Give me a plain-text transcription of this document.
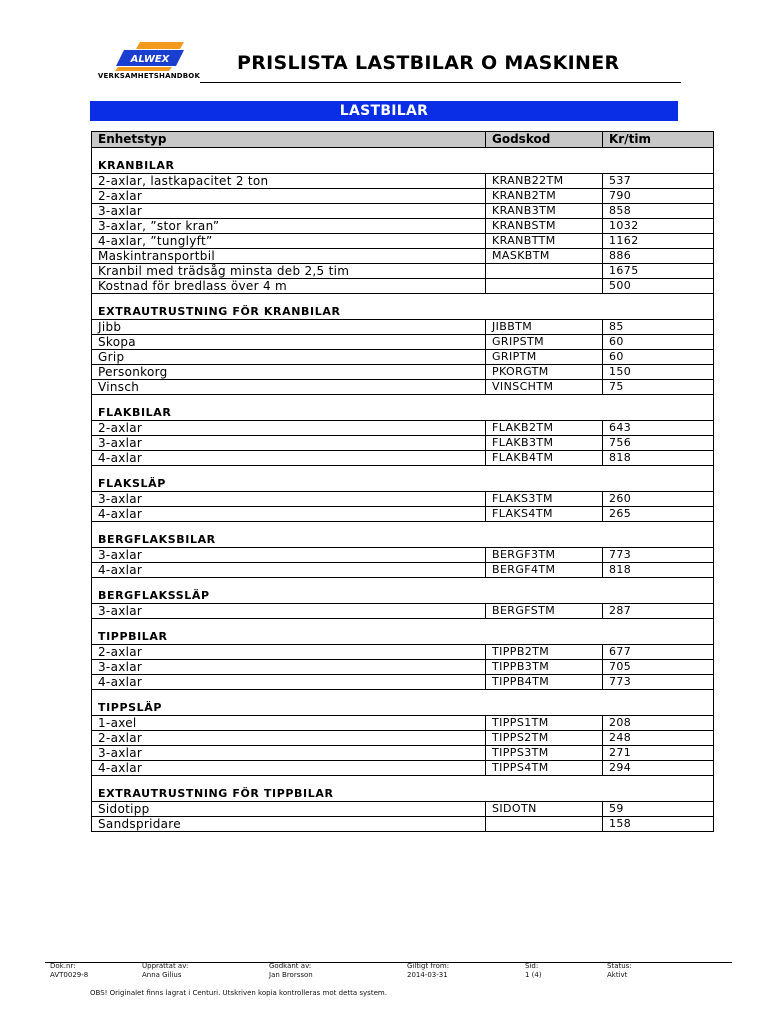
ALWEX
VERKSAMHETSHANDBOK
PRISLISTA LASTBILAR O MASKINER
LASTBILAR
Enhetstyp	Godskod	Kr/tim
KRANBILAR		
2-axlar, lastkapacitet 2 ton	KRANB22TM	537
2-axlar	KRANB2TM	790
3-axlar	KRANB3TM	858
3-axlar, ”stor kran”	KRANBSTM	1032
4-axlar, ”tunglyft”	KRANBTTM	1162
Maskintransportbil	MASKBTM	886
Kranbil med trädsåg minsta deb 2,5 tim		1675
Kostnad för bredlass över 4 m		500
EXTRAUTRUSTNING FÖR KRANBILAR		
Jibb	JIBBTM	85
Skopa	GRIPSTM	60
Grip	GRIPTM	60
Personkorg	PKORGTM	150
Vinsch	VINSCHTM	75
FLAKBILAR		
2-axlar	FLAKB2TM	643
3-axlar	FLAKB3TM	756
4-axlar	FLAKB4TM	818
FLAKSLÄP		
3-axlar	FLAKS3TM	260
4-axlar	FLAKS4TM	265
BERGFLAKSBILAR		
3-axlar	BERGF3TM	773
4-axlar	BERGF4TM	818
BERGFLAKSSLÄP		
3-axlar	BERGFSTM	287
TIPPBILAR		
2-axlar	TIPPB2TM	677
3-axlar	TIPPB3TM	705
4-axlar	TIPPB4TM	773
TIPPSLÄP		
1-axel	TIPPS1TM	208
2-axlar	TIPPS2TM	248
3-axlar	TIPPS3TM	271
4-axlar	TIPPS4TM	294
EXTRAUTRUSTNING FÖR TIPPBILAR		
Sidotipp	SIDOTN	59
Sandspridare		158
Dok.nr:
AVT0029-8
Upprättat av:
Anna Gilius
Godkänt av:
Jan Brorsson
Giltigt from:
2014-03-31
Sid:
1 (4)
Status:
Aktivt
OBS! Originalet finns lagrat i Centuri. Utskriven kopia kontrolleras mot detta system.
